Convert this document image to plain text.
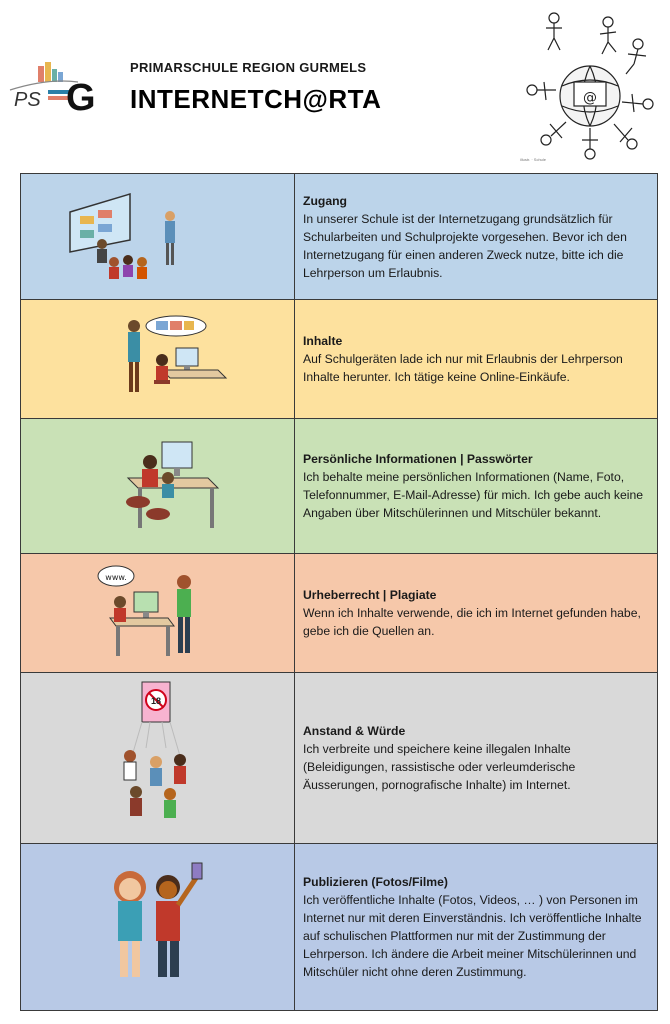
PS G
PRIMARSCHULE REGION GURMELS
INTERNETCH@RTA	@
illustr. · Schule
Zugang
In unserer Schule ist der Internetzugang grundsätzlich für Schularbeiten und Schulprojekte vorgesehen. Bevor ich den Internetzugang für einen anderen Zweck nutze, bitte ich die Lehrperson um Erlaubnis.
Inhalte
Auf Schulgeräten lade ich nur mit Erlaubnis der Lehrperson Inhalte herunter. Ich tätige keine Online-Einkäufe.
Persönliche Informationen | Passwörter
Ich behalte meine persönlichen Informationen (Name, Foto, Telefonnummer, E-Mail-Adresse) für mich. Ich gebe auch keine Angaben über Mitschülerinnen und Mitschüler bekannt.
www.
Urheberrecht | Plagiate
Wenn ich Inhalte verwende, die ich im Internet gefunden habe, gebe ich die Quellen an.
18
Anstand & Würde
Ich verbreite und speichere keine illegalen Inhalte (Beleidigungen, rassistische oder verleumderische Äusserungen, pornografische Inhalte) im Internet.
Publizieren (Fotos/Filme)
Ich veröffentliche Inhalte (Fotos, Videos, … ) von Personen im Internet nur mit deren Einverständnis. Ich veröffentliche Inhalte auf schulischen Plattformen nur mit der Zustimmung der Lehrperson. Ich ändere die Arbeit meiner Mitschülerinnen und Mitschüler nicht ohne deren Zustimmung.
